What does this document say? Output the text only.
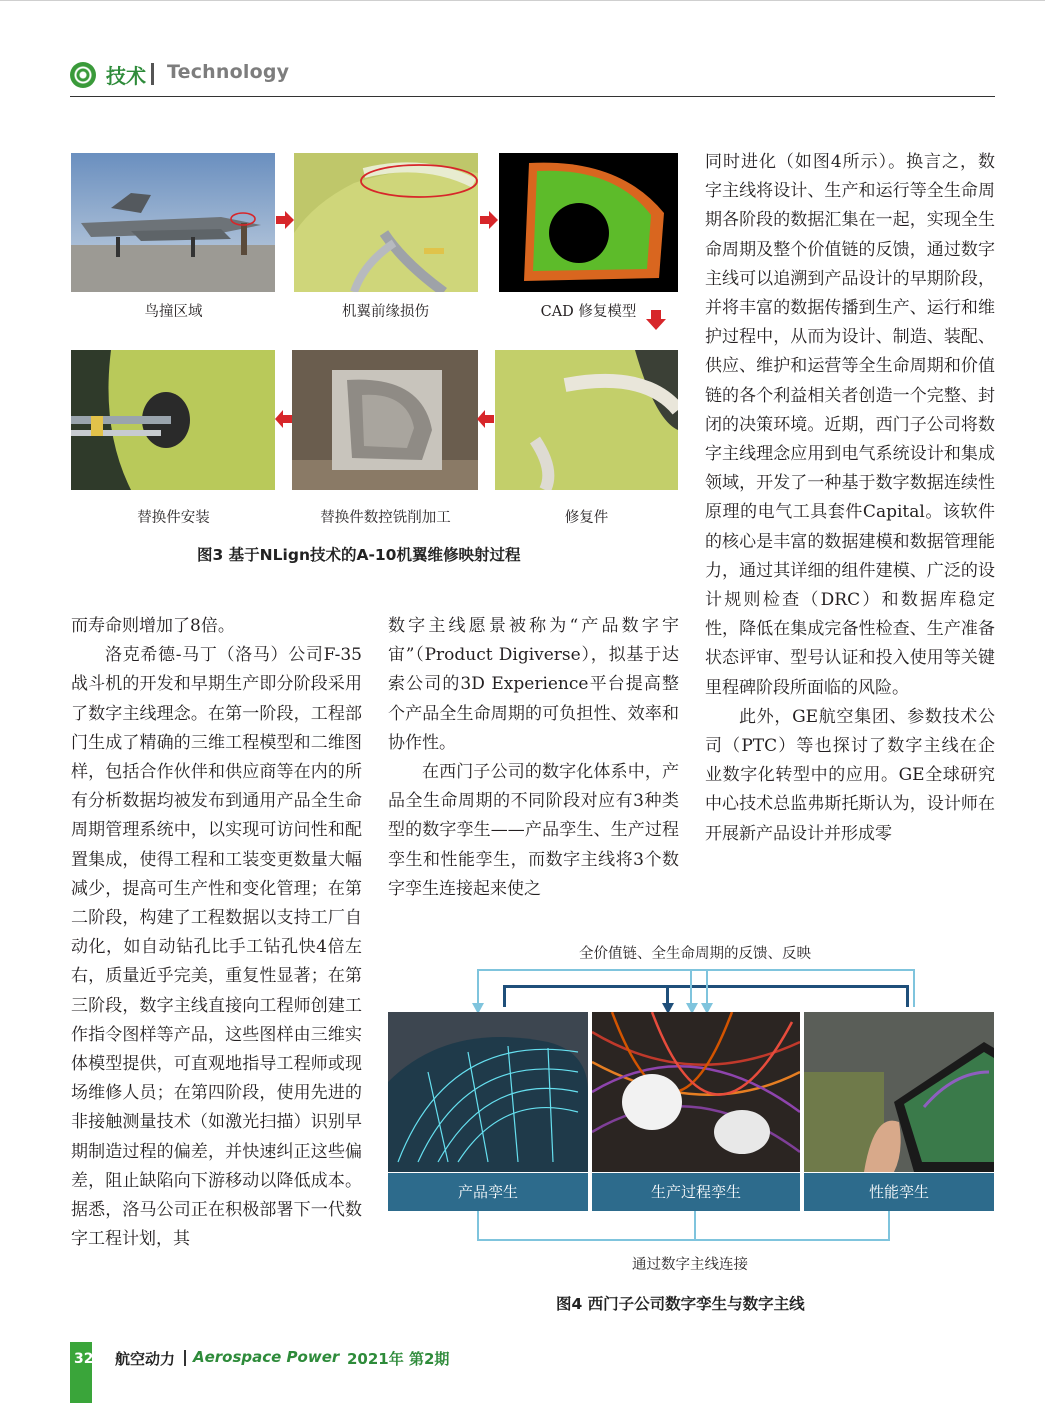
技术 Technology
鸟撞区域	机翼前缘损伤	CAD 修复模型
替换件安装	替换件数控铣削加工	修复件
图3 基于NLign技术的A-10机翼维修映射过程

而寿命则增加了8倍。

洛克希德-马丁（洛马）公司F-35战斗机的开发和早期生产即分阶段采用了数字主线理念。在第一阶段，工程部门生成了精确的三维工程模型和二维图样，包括合作伙伴和供应商等在内的所有分析数据均被发布到通用产品全生命周期管理系统中，以实现可访问性和配置集成，使得工程和工装变更数量大幅减少，提高可生产性和变化管理；在第二阶段，构建了工程数据以支持工厂自动化，如自动钻孔比手工钻孔快4倍左右，质量近乎完美，重复性显著；在第三阶段，数字主线直接向工程师创建工作指令图样等产品，这些图样由三维实体模型提供，可直观地指导工程师或现场维修人员；在第四阶段，使用先进的非接触测量技术（如激光扫描）识别早期制造过程的偏差，并快速纠正这些偏差，阻止缺陷向下游移动以降低成本。据悉，洛马公司正在积极部署下一代数字工程计划，其

数字主线愿景被称为“产品数字宇宙”（Product Digiverse），拟基于达索公司的3D Experience平台提高整个产品全生命周期的可负担性、效率和协作性。

在西门子公司的数字化体系中，产品全生命周期的不同阶段对应有3种类型的数字孪生——产品孪生、生产过程孪生和性能孪生，而数字主线将3个数字孪生连接起来使之

同时进化（如图4所示）。换言之，数字主线将设计、生产和运行等全生命周期各阶段的数据汇集在一起，实现全生命周期及整个价值链的反馈，通过数字主线可以追溯到产品设计的早期阶段，并将丰富的数据传播到生产、运行和维护过程中，从而为设计、制造、装配、供应、维护和运营等全生命周期和价值链的各个利益相关者创造一个完整、封闭的决策环境。近期，西门子公司将数字主线理念应用到电气系统设计和集成领域，开发了一种基于数字数据连续性原理的电气工具套件Capital。该软件的核心是丰富的数据建模和数据管理能力，通过其详细的组件建模、广泛的设计规则检查（DRC）和数据库稳定性，降低在集成完备性检查、生产准备状态评审、型号认证和投入使用等关键里程碑阶段所面临的风险。

此外，GE航空集团、参数技术公司（PTC）等也探讨了数字主线在企业数字化转型中的应用。GE全球研究中心技术总监弗斯托斯认为，设计师在开展新产品设计并形成零

全价值链、全生命周期的反馈、反映
产品孪生	生产过程孪生	性能孪生
通过数字主线连接
图4 西门子公司数字孪生与数字主线
32 航空动力 Aerospace Power 2021年 第2期
